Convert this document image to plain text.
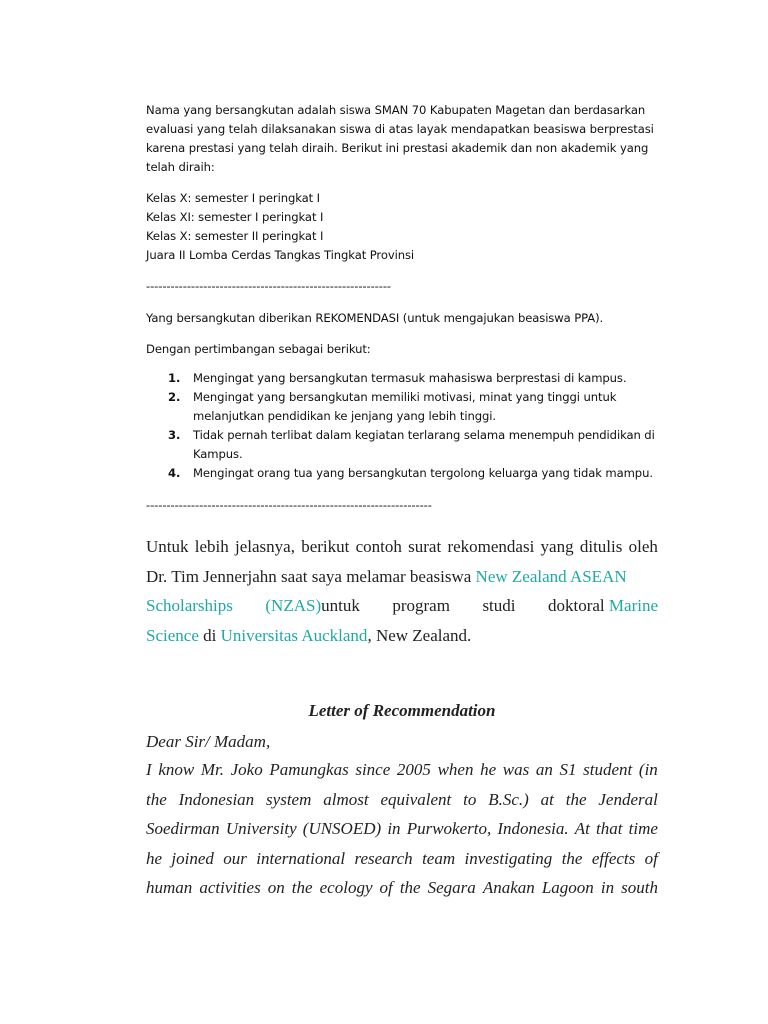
Nama yang bersangkutan adalah siswa SMAN 70 Kabupaten Magetan dan berdasarkan
evaluasi yang telah dilaksanakan siswa di atas layak mendapatkan beasiswa berprestasi
karena prestasi yang telah diraih. Berikut ini prestasi akademik dan non akademik yang
telah diraih:
Kelas X: semester I peringkat I
Kelas XI: semester I peringkat I
Kelas X: semester II peringkat I
Juara II Lomba Cerdas Tangkas Tingkat Provinsi
------------------------------------------------------------
Yang bersangkutan diberikan REKOMENDASI (untuk mengajukan beasiswa PPA).
Dengan pertimbangan sebagai berikut:
1. Mengingat yang bersangkutan termasuk mahasiswa berprestasi di kampus.
2. Mengingat yang bersangkutan memiliki motivasi, minat yang tinggi untuk
melanjutkan pendidikan ke jenjang yang lebih tinggi.
3. Tidak pernah terlibat dalam kegiatan terlarang selama menempuh pendidikan di
Kampus.
4. Mengingat orang tua yang bersangkutan tergolong keluarga yang tidak mampu.
----------------------------------------------------------------------
Untuk lebih jelasnya, berikut contoh surat rekomendasi yang ditulis oleh
Dr. Tim Jennerjahn saat saya melamar beasiswa New Zealand ASEAN
Scholarships (NZAS)untuk program studi doktoral Marine
Science di Universitas Auckland, New Zealand.
Letter of Recommendation
Dear Sir/ Madam,
I know Mr. Joko Pamungkas since 2005 when he was an S1 student (in
the Indonesian system almost equivalent to B.Sc.) at the Jenderal
Soedirman University (UNSOED) in Purwokerto, Indonesia. At that time
he joined our international research team investigating the effects of
human activities on the ecology of the Segara Anakan Lagoon in south
